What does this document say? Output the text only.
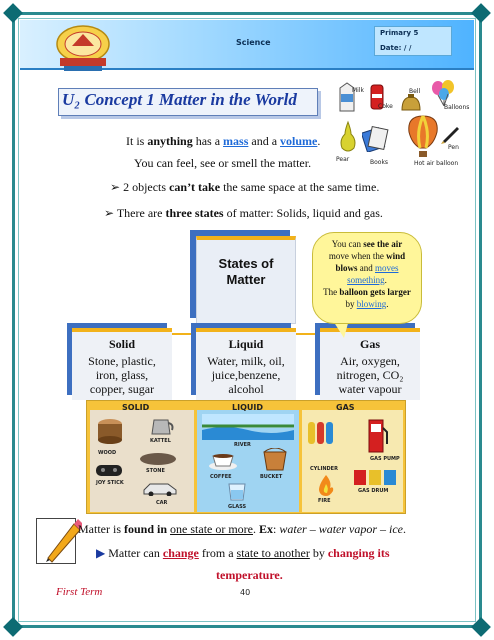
Science
Primary 5
Date: / /
U₂ Concept 1 Matter in the World
It is anything has a mass and a volume.
You can feel, see or smell the matter.
Milk
Coke
Bell
Balloons
Pear	Books	Hot air balloon
Pen
➢ 2 objects can’t take the same space at the same time.
➢ There are three states of matter: Solids, liquid and gas.
States of
Matter
Solid
Stone, plastic,
iron, glass,
copper, sugar
Liquid
Water, milk, oil,
juice,benzene,
alcohol
Gas
Air, oxygen,
nitrogen, CO₂
water vapour
You can see the air
move when the wind
blows and moves
something.
The balloon gets larger
by blowing.
SOLID	LIQUID	GAS
WOOD
KATTEL
STONE
JOY STICK
CAR
RIVER
COFFEE	BUCKET
GLASS
CYLINDER
GAS PUMP
FIRE
GAS DRUM
Matter is found in one state or more. Ex: water – water vapor – ice.
▶ Matter can change from a state to another by changing its
temperature.
First Term	40
